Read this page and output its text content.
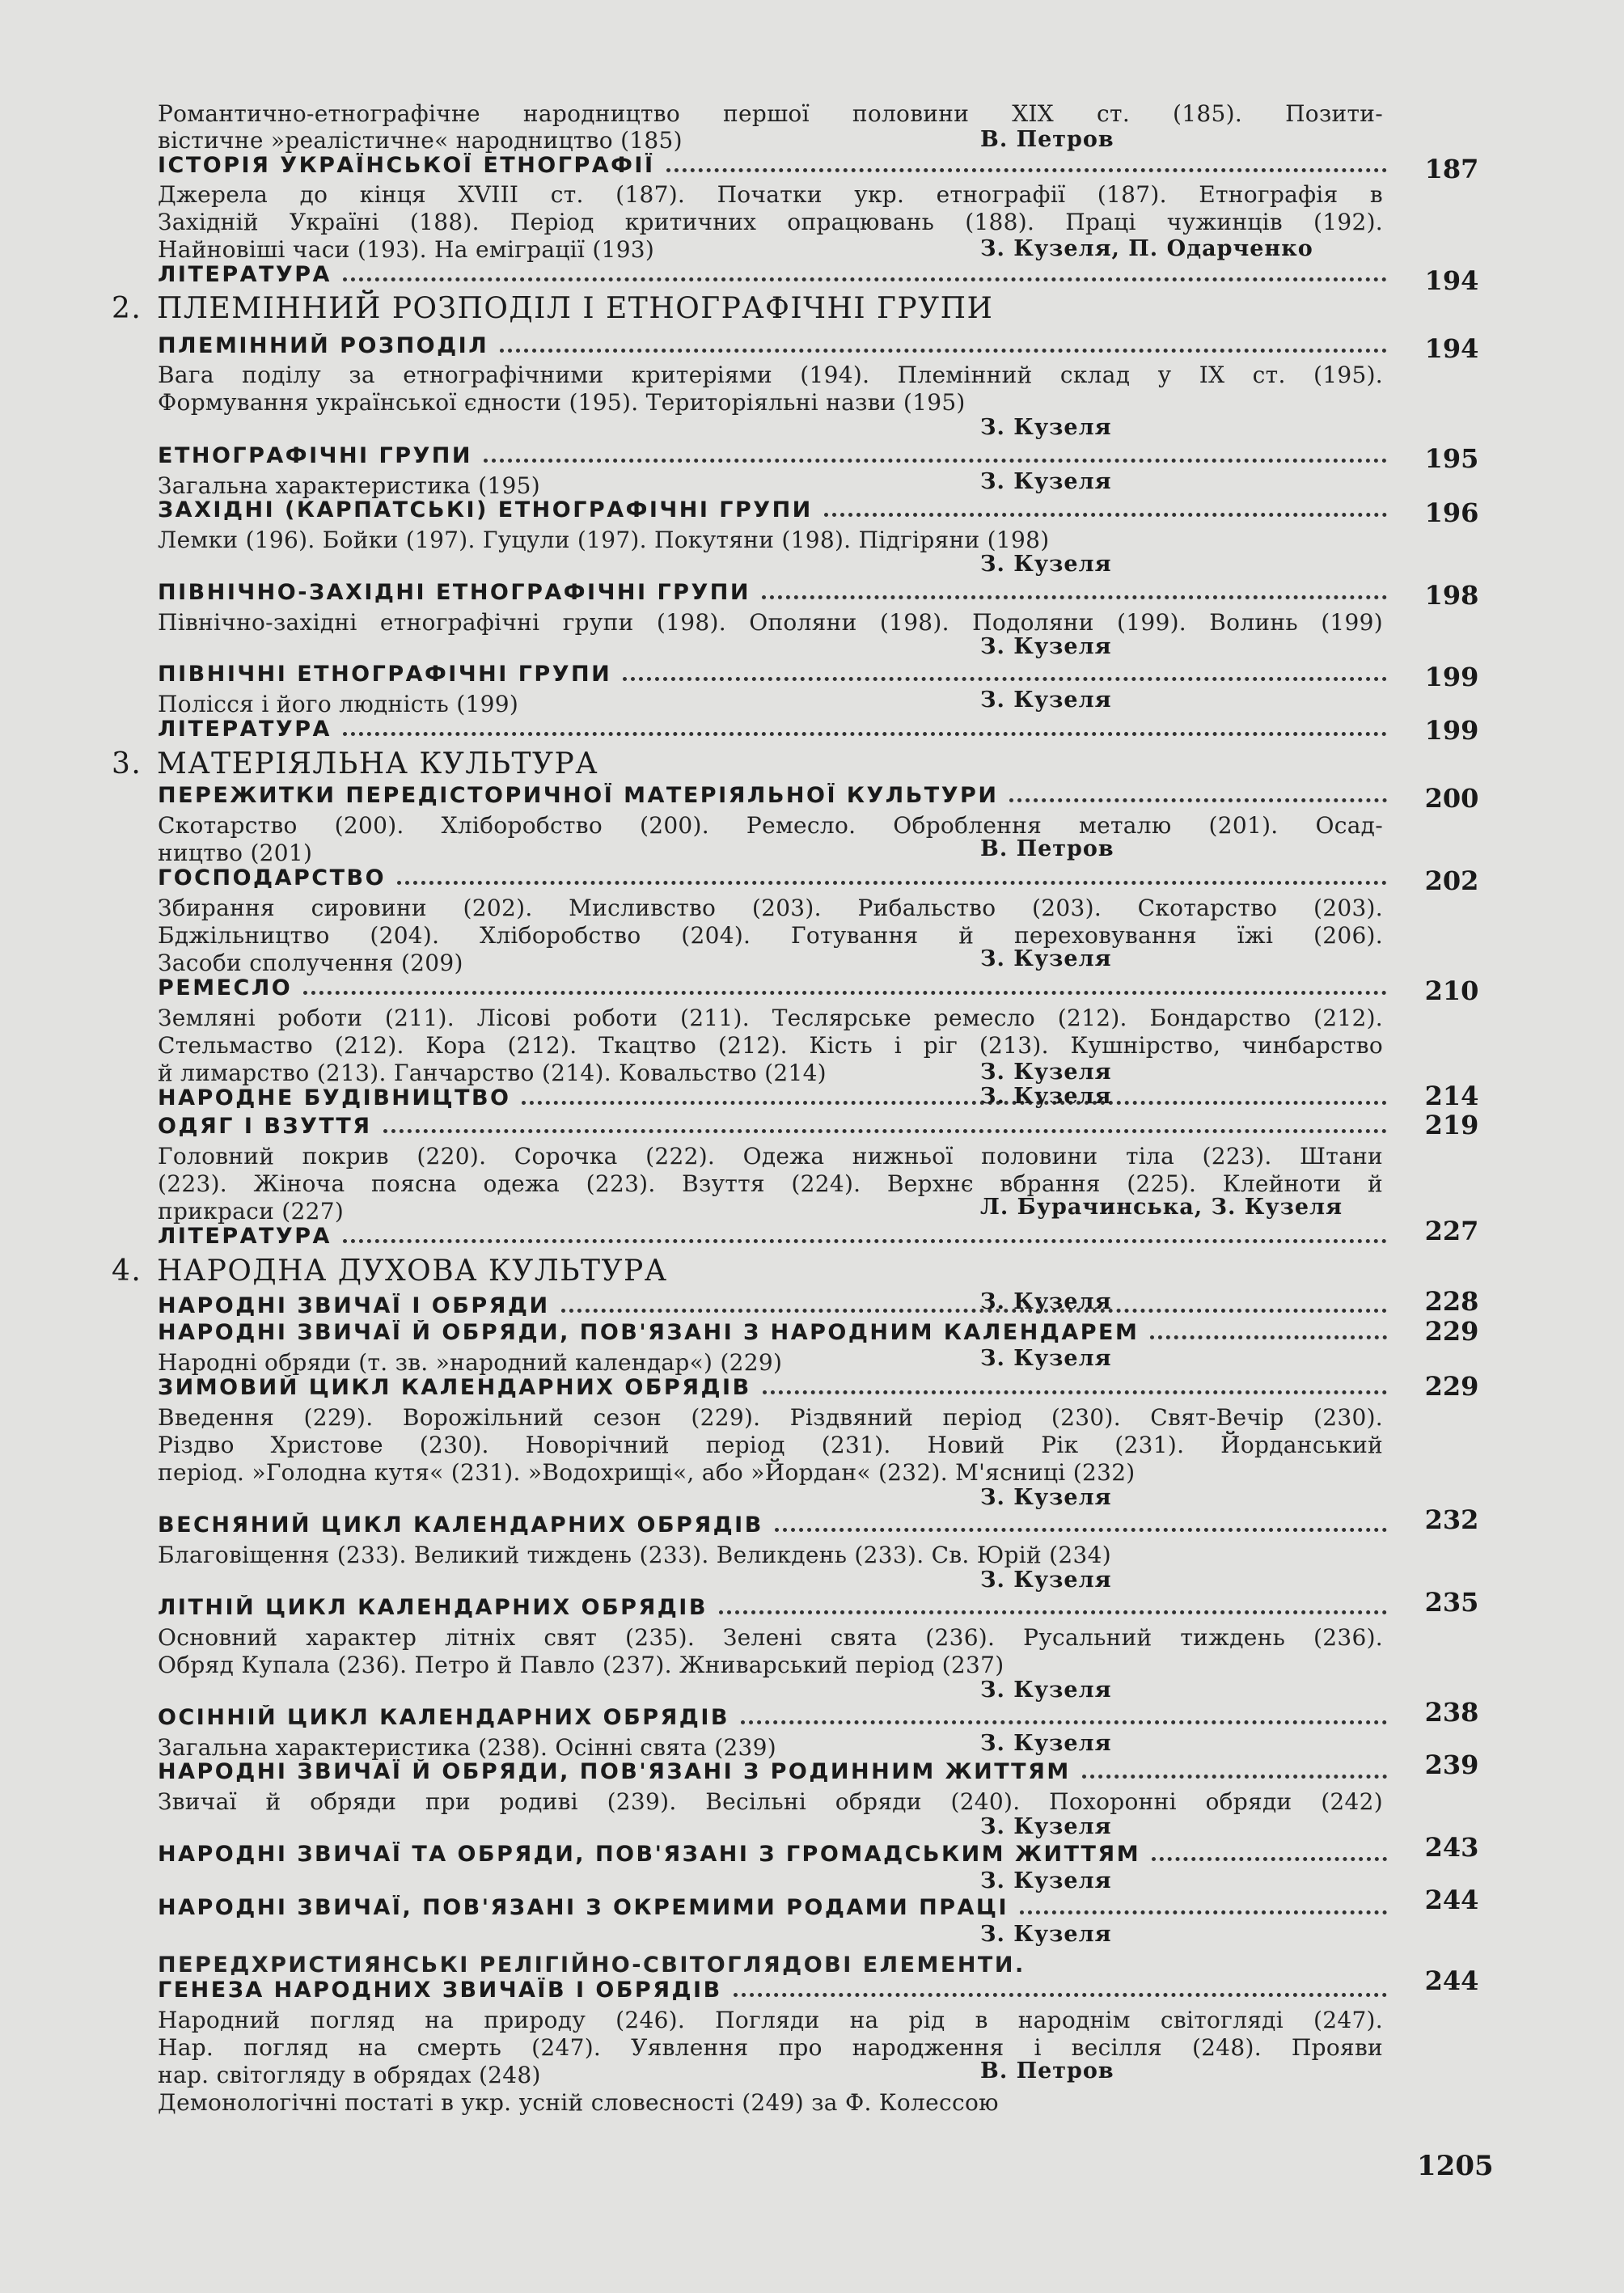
Романтично-етнографічне народництво першої половини XIX ст. (185). Позити-
вістичне »реалістичне« народництво (185)	В. Петров
ІСТОРІЯ УКРАЇНСЬКОЇ ЕТНОГРАФІЇ	187
Джерела до кінця XVIII ст. (187). Початки укр. етнографії (187). Етнографія в
Західній Україні (188). Період критичних опрацювань (188). Праці чужинців (192).
Найновіші часи (193). На еміграції (193)	З. Кузеля, П. Одарченко
ЛІТЕРАТУРА	194
2. ПЛЕМІННИЙ РОЗПОДІЛ І ЕТНОГРАФІЧНІ ГРУПИ
ПЛЕМІННИЙ РОЗПОДІЛ	194
Вага поділу за етнографічними критеріями (194). Племінний склад у IX ст. (195).
Формування української єдности (195). Територіяльні назви (195)
З. Кузеля
ЕТНОГРАФІЧНІ ГРУПИ	195
Загальна характеристика (195)	З. Кузеля
ЗАХІДНІ (КАРПАТСЬКІ) ЕТНОГРАФІЧНІ ГРУПИ	196
Лемки (196). Бойки (197). Гуцули (197). Покутяни (198). Підгіряни (198)
З. Кузеля
ПІВНІЧНО-ЗАХІДНІ ЕТНОГРАФІЧНІ ГРУПИ	198
Північно-західні етнографічні групи (198). Ополяни (198). Подоляни (199). Волинь (199)
З. Кузеля
ПІВНІЧНІ ЕТНОГРАФІЧНІ ГРУПИ	199
Полісся і його людність (199)	З. Кузеля
ЛІТЕРАТУРА	199
3. МАТЕРІЯЛЬНА КУЛЬТУРА
ПЕРЕЖИТКИ ПЕРЕДІСТОРИЧНОЇ МАТЕРІЯЛЬНОЇ КУЛЬТУРИ	200
Скотарство (200). Хліборобство (200). Ремесло. Оброблення металю (201). Осад-
ництво (201)	В. Петров
ГОСПОДАРСТВО	202
Збирання сировини (202). Мисливство (203). Рибальство (203). Скотарство (203).
Бджільництво (204). Хліборобство (204). Готування й переховування їжі (206).
Засоби сполучення (209)	З. Кузеля
РЕМЕСЛО	210
Земляні роботи (211). Лісові роботи (211). Теслярське ремесло (212). Бондарство (212).
Стельмаство (212). Кора (212). Ткацтво (212). Кість і ріг (213). Кушнірство, чинбарство
й лимарство (213). Ганчарство (214). Ковальство (214)	З. Кузеля
НАРОДНЕ БУДІВНИЦТВО	214
З. Кузеля
ОДЯГ І ВЗУТТЯ	219
Головний покрив (220). Сорочка (222). Одежа нижньої половини тіла (223). Штани
(223). Жіноча поясна одежа (223). Взуття (224). Верхнє вбрання (225). Клейноти й
прикраси (227)	Л. Бурачинська, З. Кузеля
ЛІТЕРАТУРА	227
4. НАРОДНА ДУХОВА КУЛЬТУРА
НАРОДНІ ЗВИЧАЇ І ОБРЯДИ	228
З. Кузеля
НАРОДНІ ЗВИЧАЇ Й ОБРЯДИ, ПОВ'ЯЗАНІ З НАРОДНИМ КАЛЕНДАРЕМ	229
Народні обряди (т. зв. »народний календар«) (229)	З. Кузеля
ЗИМОВИЙ ЦИКЛ КАЛЕНДАРНИХ ОБРЯДІВ	229
Введення (229). Ворожільний сезон (229). Різдвяний період (230). Свят-Вечір (230).
Різдво Христове (230). Новорічний період (231). Новий Рік (231). Йорданський
період. »Голодна кутя« (231). »Водохрищі«, або »Йордан« (232). М'ясниці (232)
З. Кузеля
ВЕСНЯНИЙ ЦИКЛ КАЛЕНДАРНИХ ОБРЯДІВ	232
Благовіщення (233). Великий тиждень (233). Великдень (233). Св. Юрій (234)
З. Кузеля
ЛІТНІЙ ЦИКЛ КАЛЕНДАРНИХ ОБРЯДІВ	235
Основний характер літніх свят (235). Зелені свята (236). Русальний тиждень (236).
Обряд Купала (236). Петро й Павло (237). Жниварський період (237)
З. Кузеля
ОСІННІЙ ЦИКЛ КАЛЕНДАРНИХ ОБРЯДІВ	238
Загальна характеристика (238). Осінні свята (239)	З. Кузеля
НАРОДНІ ЗВИЧАЇ Й ОБРЯДИ, ПОВ'ЯЗАНІ З РОДИННИМ ЖИТТЯМ	239
Звичаї й обряди при родиві (239). Весільні обряди (240). Похоронні обряди (242)
З. Кузеля
НАРОДНІ ЗВИЧАЇ ТА ОБРЯДИ, ПОВ'ЯЗАНІ З ГРОМАДСЬКИМ ЖИТТЯМ	243
З. Кузеля
НАРОДНІ ЗВИЧАЇ, ПОВ'ЯЗАНІ З ОКРЕМИМИ РОДАМИ ПРАЦІ	244
З. Кузеля
ПЕРЕДХРИСТИЯНСЬКІ РЕЛІГІЙНО-СВІТОГЛЯДОВІ ЕЛЕМЕНТИ.
ГЕНЕЗА НАРОДНИХ ЗВИЧАЇВ І ОБРЯДІВ	244
Народний погляд на природу (246). Погляди на рід в народнім світогляді (247).
Нар. погляд на смерть (247). Уявлення про народження і весілля (248). Прояви
нар. світогляду в обрядах (248)	В. Петров
Демонологічні постаті в укр. усній словесності (249) за Ф. Колессою
1205
